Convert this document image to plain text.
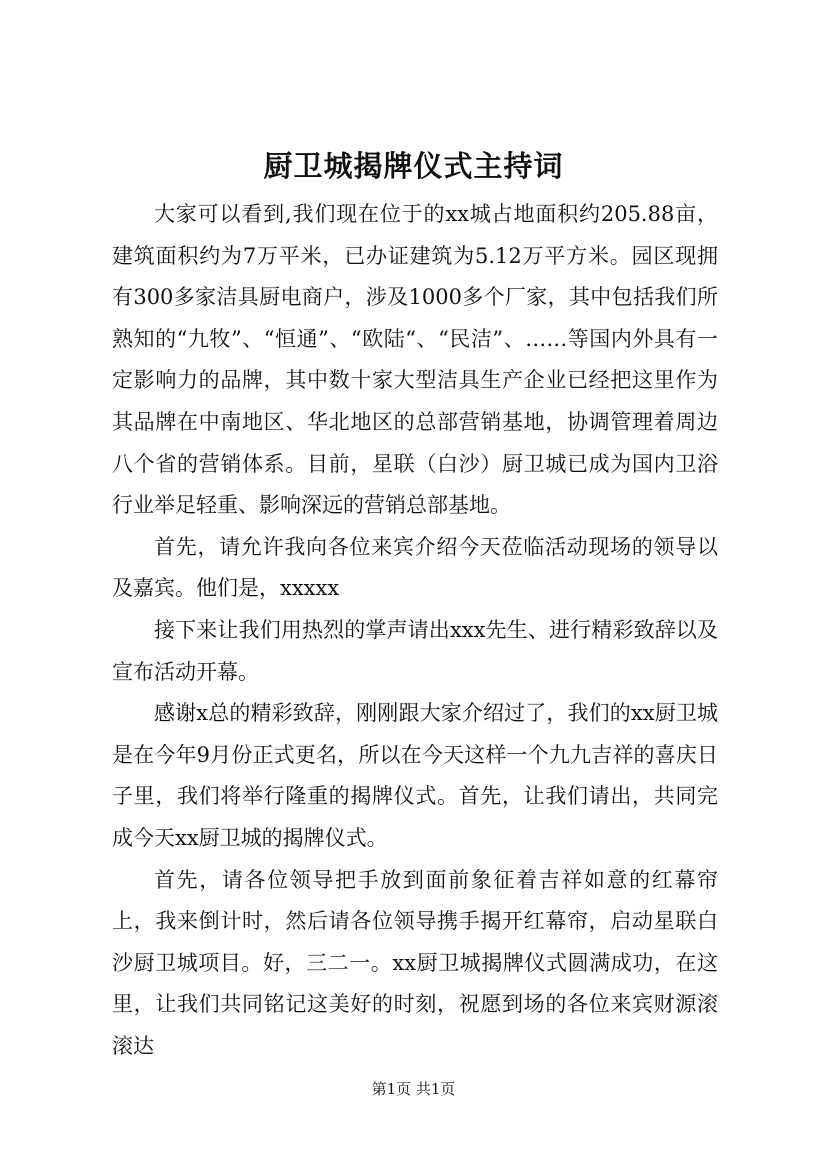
厨卫城揭牌仪式主持词

大家可以看到,我们现在位于的xx城占地面积约205.88亩，建筑面积约为7万平米，已办证建筑为5.12万平方米。园区现拥有300多家洁具厨电商户，涉及1000多个厂家，其中包括我们所熟知的“九牧”、“恒通”、“欧陆“、“民洁”、……等国内外具有一定影响力的品牌，其中数十家大型洁具生产企业已经把这里作为其品牌在中南地区、华北地区的总部营销基地，协调管理着周边八个省的营销体系。目前，星联（白沙）厨卫城已成为国内卫浴行业举足轻重、影响深远的营销总部基地。

首先，请允许我向各位来宾介绍今天莅临活动现场的领导以及嘉宾。他们是，xxxxx

接下来让我们用热烈的掌声请出xxx先生、进行精彩致辞以及宣布活动开幕。

感谢x总的精彩致辞，刚刚跟大家介绍过了，我们的xx厨卫城是在今年9月份正式更名，所以在今天这样一个九九吉祥的喜庆日子里，我们将举行隆重的揭牌仪式。首先，让我们请出，共同完成今天xx厨卫城的揭牌仪式。

首先，请各位领导把手放到面前象征着吉祥如意的红幕帘上，我来倒计时，然后请各位领导携手揭开红幕帘，启动星联白沙厨卫城项目。好，三二一。xx厨卫城揭牌仪式圆满成功，在这里，让我们共同铭记这美好的时刻，祝愿到场的各位来宾财源滚滚达

第1页 共1页
